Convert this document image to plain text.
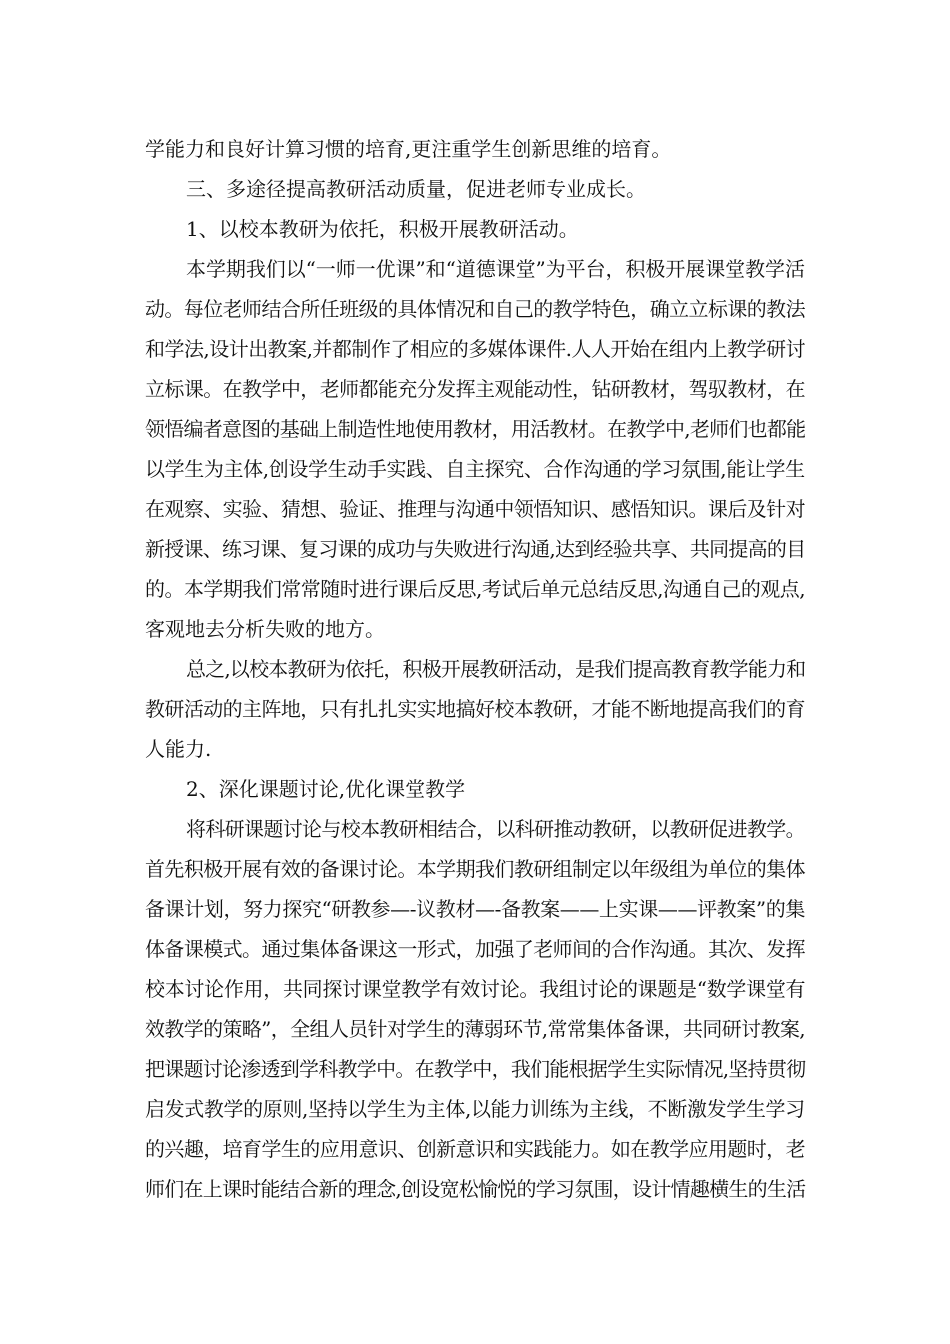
学能力和良好计算习惯的培育,更注重学生创新思维的培育。

三、多途径提高教研活动质量，促进老师专业成长。

1、以校本教研为依托，积极开展教研活动。

本学期我们以“一师一优课”和“道德课堂”为平台，积极开展课堂教学活

动。每位老师结合所任班级的具体情况和自己的教学特色，确立立标课的教法

和学法,设计出教案,并都制作了相应的多媒体课件.人人开始在组内上教学研讨

立标课。在教学中，老师都能充分发挥主观能动性，钻研教材，驾驭教材，在

领悟编者意图的基础上制造性地使用教材，用活教材。在教学中,老师们也都能

以学生为主体,创设学生动手实践、自主探究、合作沟通的学习氛围,能让学生

在观察、实验、猜想、验证、推理与沟通中领悟知识、感悟知识。课后及针对

新授课、练习课、复习课的成功与失败进行沟通,达到经验共享、共同提高的目

的。本学期我们常常随时进行课后反思,考试后单元总结反思,沟通自己的观点,

客观地去分析失败的地方。

总之,以校本教研为依托，积极开展教研活动，是我们提高教育教学能力和

教研活动的主阵地，只有扎扎实实地搞好校本教研，才能不断地提高我们的育

人能力.

2、深化课题讨论,优化课堂教学

将科研课题讨论与校本教研相结合，以科研推动教研，以教研促进教学。

首先积极开展有效的备课讨论。本学期我们教研组制定以年级组为单位的集体

备课计划，努力探究“研教参—-议教材—-备教案——上实课——评教案”的集

体备课模式。通过集体备课这一形式，加强了老师间的合作沟通。其次、发挥

校本讨论作用，共同探讨课堂教学有效讨论。我组讨论的课题是“数学课堂有

效教学的策略”，全组人员针对学生的薄弱环节,常常集体备课，共同研讨教案,

把课题讨论渗透到学科教学中。在教学中，我们能根据学生实际情况,坚持贯彻

启发式教学的原则,坚持以学生为主体,以能力训练为主线，不断激发学生学习

的兴趣，培育学生的应用意识、创新意识和实践能力。如在教学应用题时，老

师们在上课时能结合新的理念,创设宽松愉悦的学习氛围，设计情趣横生的生活
